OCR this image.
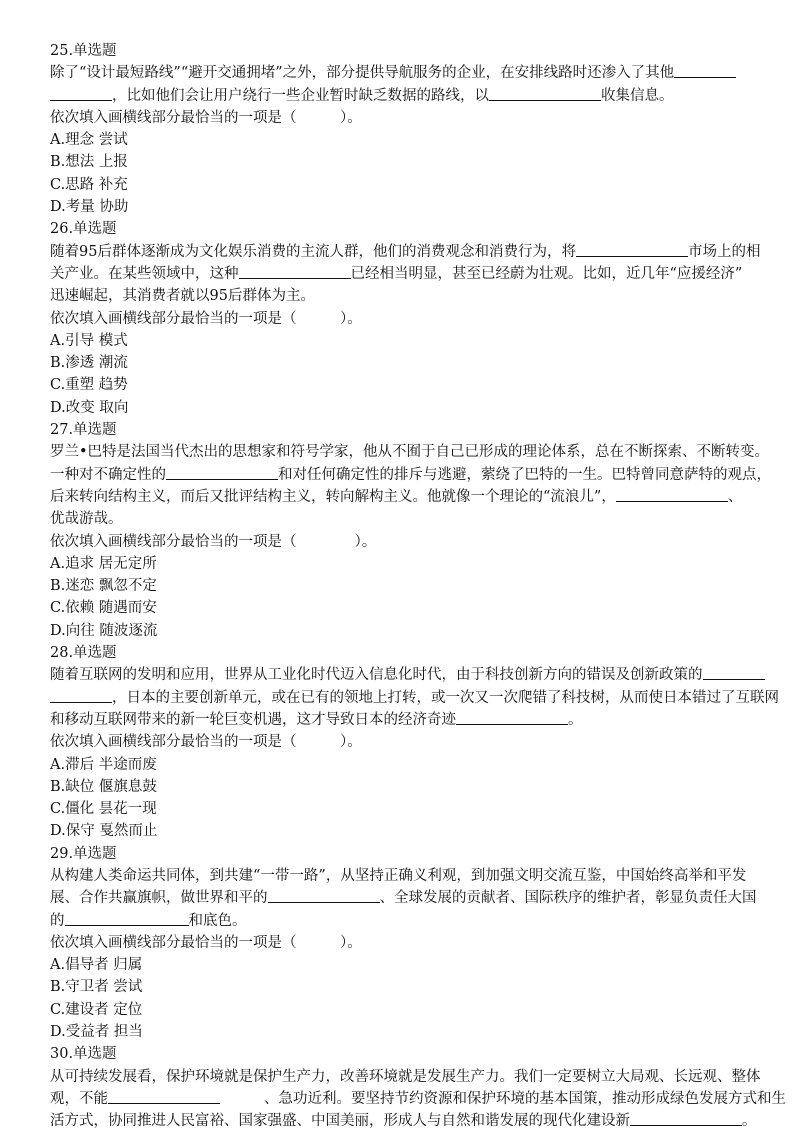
25.单选题
除了“设计最短路线”“避开交通拥堵”之外，部分提供导航服务的企业，在安排线路时还渗入了其他
，比如他们会让用户绕行一些企业暂时缺乏数据的路线，以	收集信息。
依次填入画横线部分最恰当的一项是（　　　）。
A.理念 尝试
B.想法 上报
C.思路 补充
D.考量 协助
26.单选题
随着95后群体逐渐成为文化娱乐消费的主流人群，他们的消费观念和消费行为，将	市场上的相
关产业。在某些领域中，这种	已经相当明显，甚至已经蔚为壮观。比如，近几年“应援经济”
迅速崛起，其消费者就以95后群体为主。
依次填入画横线部分最恰当的一项是（　　　）。
A.引导 模式
B.渗透 潮流
C.重塑 趋势
D.改变 取向
27.单选题
罗兰•巴特是法国当代杰出的思想家和符号学家，他从不囿于自己已形成的理论体系，总在不断探索、不断转变。
一种对不确定性的	和对任何确定性的排斥与逃避，萦绕了巴特的一生。巴特曾同意萨特的观点，
后来转向结构主义，而后又批评结构主义，转向解构主义。他就像一个理论的“流浪儿”，	、
优哉游哉。
依次填入画横线部分最恰当的一项是（　　　　）。
A.追求 居无定所
B.迷恋 飘忽不定
C.依赖 随遇而安
D.向往 随波逐流
28.单选题
随着互联网的发明和应用，世界从工业化时代迈入信息化时代，由于科技创新方向的错误及创新政策的
，日本的主要创新单元，或在已有的领地上打转，或一次又一次爬错了科技树，从而使日本错过了互联网
和移动互联网带来的新一轮巨变机遇，这才导致日本的经济奇迹	。
依次填入画横线部分最恰当的一项是（　　　）。
A.滞后 半途而废
B.缺位 偃旗息鼓
C.僵化 昙花一现
D.保守 戛然而止
29.单选题
从构建人类命运共同体，到共建“一带一路”，从坚持正确义利观，到加强文明交流互鉴，中国始终高举和平发
展、合作共赢旗帜，做世界和平的	、全球发展的贡献者、国际秩序的维护者，彰显负责任大国
的	和底色。
依次填入画横线部分最恰当的一项是（　　　）。
A.倡导者 归属
B.守卫者 尝试
C.建设者 定位
D.受益者 担当
30.单选题
从可持续发展看，保护环境就是保护生产力，改善环境就是发展生产力。我们一定要树立大局观、长远观、整体
观，不能	、急功近利。要坚持节约资源和保护环境的基本国策，推动形成绿色发展方式和生
活方式，协同推进人民富裕、国家强盛、中国美丽，形成人与自然和谐发展的现代化建设新	。
